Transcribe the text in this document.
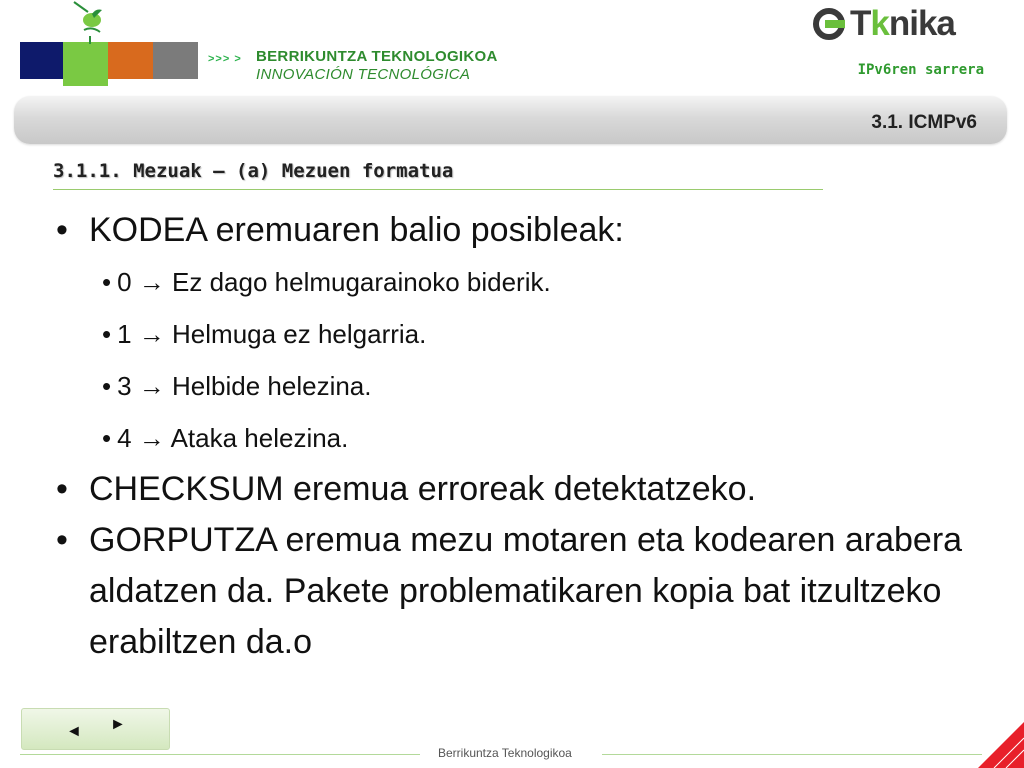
>>> > BERRIKUNTZA TEKNOLOGIKOA
INNOVACIÓN TECNOLÓGICA
Tknika
IPv6ren sarrera
3.1. ICMPv6
3.1.1. Mezuak – (a) Mezuen formatua
• KODEA eremuaren balio posibleak:
• 0 → Ez dago helmugarainoko biderik.
• 1 → Helmuga ez helgarria.
• 3 → Helbide helezina.
• 4 → Ataka helezina.
• CHECKSUM eremua erroreak detektatzeko.
• GORPUTZA eremua mezu motaren eta kodearen arabera aldatzen da. Pakete problematikaren kopia bat itzultzeko erabiltzen da.o
◄ ►
Berrikuntza Teknologikoa
